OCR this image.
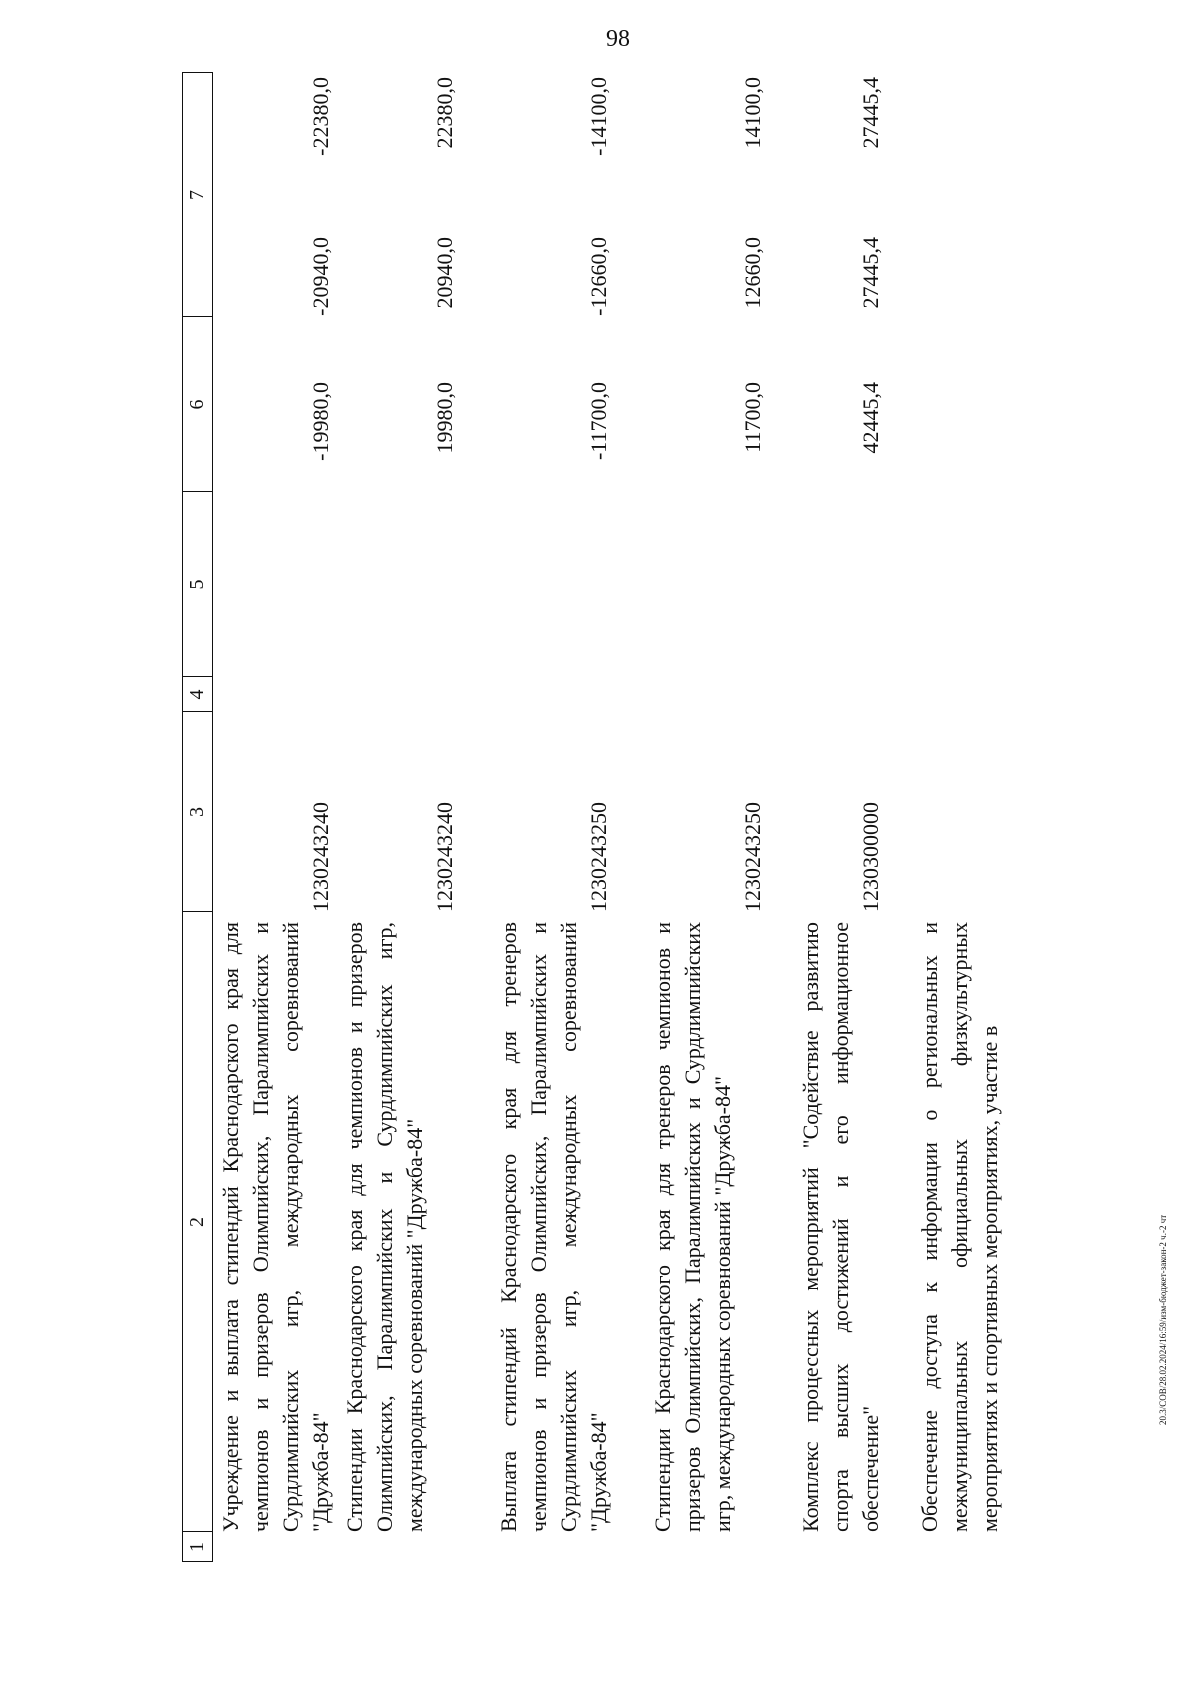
98
1
2
3
4
5
6
7
Учреждение и выплата стипендий Краснодарского края для чемпионов и призеров Олимпийских, Паралимпийских и Сурдлимпийских игр, международных соревнований "Дружба-84"
1230243240
-19980,0
-20940,0
-22380,0
Стипендии Краснодарского края для чемпионов и призеров Олимпийских, Паралимпийских и Сурдлимпийских игр, международных соревнований "Дружба-84"
1230243240
19980,0
20940,0
22380,0
Выплата стипендий Краснодарского края для тренеров чемпионов и призеров Олимпийских, Паралимпийских и Сурдлимпийских игр, международных соревнований "Дружба-84"
1230243250
-11700,0
-12660,0
-14100,0
Стипендии Краснодарского края для тренеров чемпионов и призеров Олимпийских, Паралимпийских и Сурдлимпийских игр, международных соревнований "Дружба-84"
1230243250
11700,0
12660,0
14100,0
Комплекс процессных мероприятий "Содействие развитию спорта высших достижений и его информационное обеспечение"
1230300000
42445,4
27445,4
27445,4
Обеспечение доступа к информации о региональных и межмуниципальных официальных физкультурных мероприятиях и спортивных мероприятиях, участие в	20.3/СОВ/28.02.2024/16:59/изм-бюджет-закон-2 ч.-2 чт
